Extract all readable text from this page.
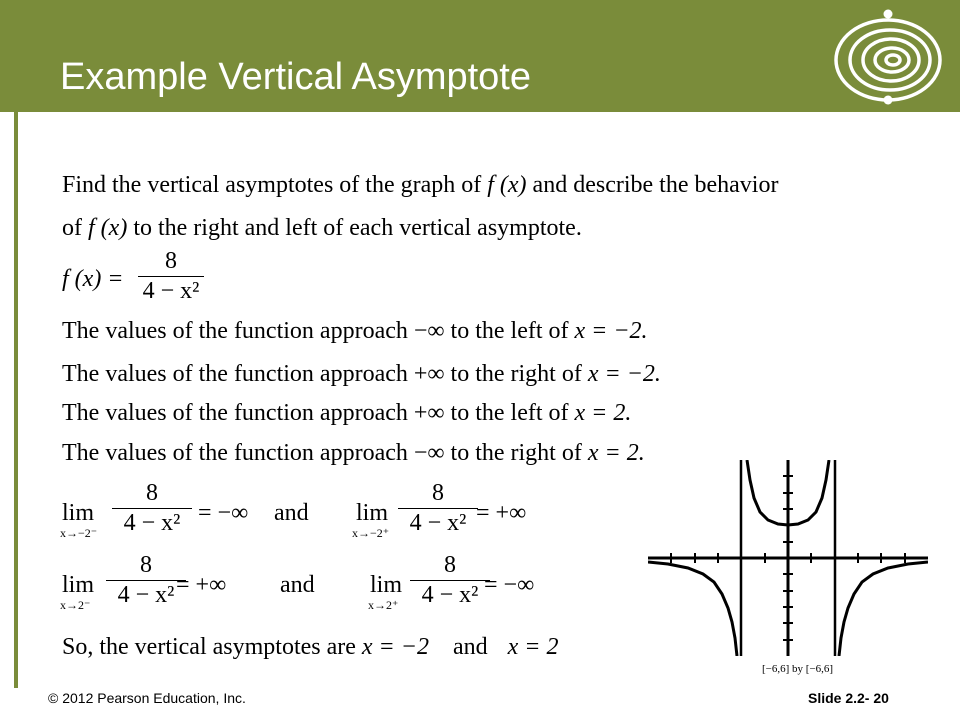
Example Vertical Asymptote
Find the vertical asymptotes of the graph of f (x) and describe the behavior
of f (x) to the right and left of each vertical asymptote.
f (x) =
8
4 − x²
The values of the function approach −∞ to the left of x = −2.
The values of the function approach +∞ to the right of x = −2.
The values of the function approach +∞ to the left of x = 2.
The values of the function approach −∞ to the right of x = 2.
lim
x→−2⁻
8
4 − x² = −∞ and lim
x→−2⁺
8
4 − x² = +∞
lim
x→2⁻
8
4 − x² = +∞ and lim
x→2⁺
8
4 − x² = −∞
So, the vertical asymptotes are x = −2 and x = 2
[−6,6] by [−6,6]
© 2012 Pearson Education, Inc.	Slide 2.2- 20
